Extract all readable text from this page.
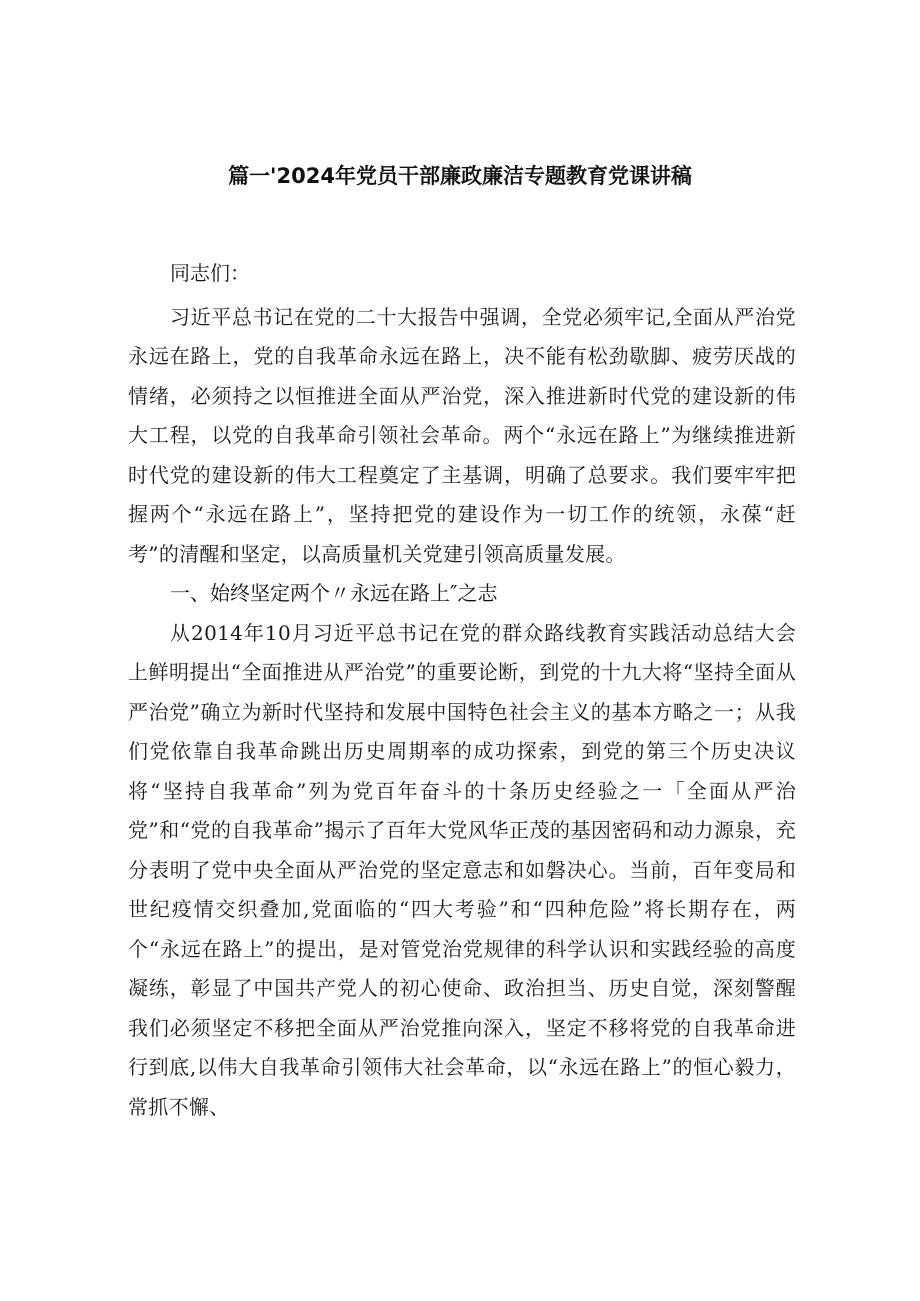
篇一'2024年党员干部廉政廉洁专题教育党课讲稿

同志们：

习近平总书记在党的二十大报告中强调，全党必须牢记,全面从严治党永远在路上，党的自我革命永远在路上，决不能有松劲歇脚、疲劳厌战的情绪，必须持之以恒推进全面从严治党，深入推进新时代党的建设新的伟大工程，以党的自我革命引领社会革命。两个“永远在路上”为继续推进新时代党的建设新的伟大工程奠定了主基调，明确了总要求。我们要牢牢把握两个“永远在路上”，坚持把党的建设作为一切工作的统领，永葆“赶考”的清醒和坚定，以高质量机关党建引领高质量发展。

一、始终坚定两个〃永远在路上″之志

从2014年10月习近平总书记在党的群众路线教育实践活动总结大会上鲜明提出“全面推进从严治党”的重要论断，到党的十九大将“坚持全面从严治党”确立为新时代坚持和发展中国特色社会主义的基本方略之一；从我们党依靠自我革命跳出历史周期率的成功探索，到党的第三个历史决议将“坚持自我革命”列为党百年奋斗的十条历史经验之一「全面从严治党”和“党的自我革命”揭示了百年大党风华正茂的基因密码和动力源泉，充分表明了党中央全面从严治党的坚定意志和如磐决心。当前，百年变局和世纪疫情交织叠加,党面临的“四大考验”和“四种危险”将长期存在，两个“永远在路上”的提出，是对管党治党规律的科学认识和实践经验的高度凝练，彰显了中国共产党人的初心使命、政治担当、历史自觉，深刻警醒我们必须坚定不移把全面从严治党推向深入，坚定不移将党的自我革命进行到底,以伟大自我革命引领伟大社会革命，以“永远在路上”的恒心毅力，常抓不懈、
